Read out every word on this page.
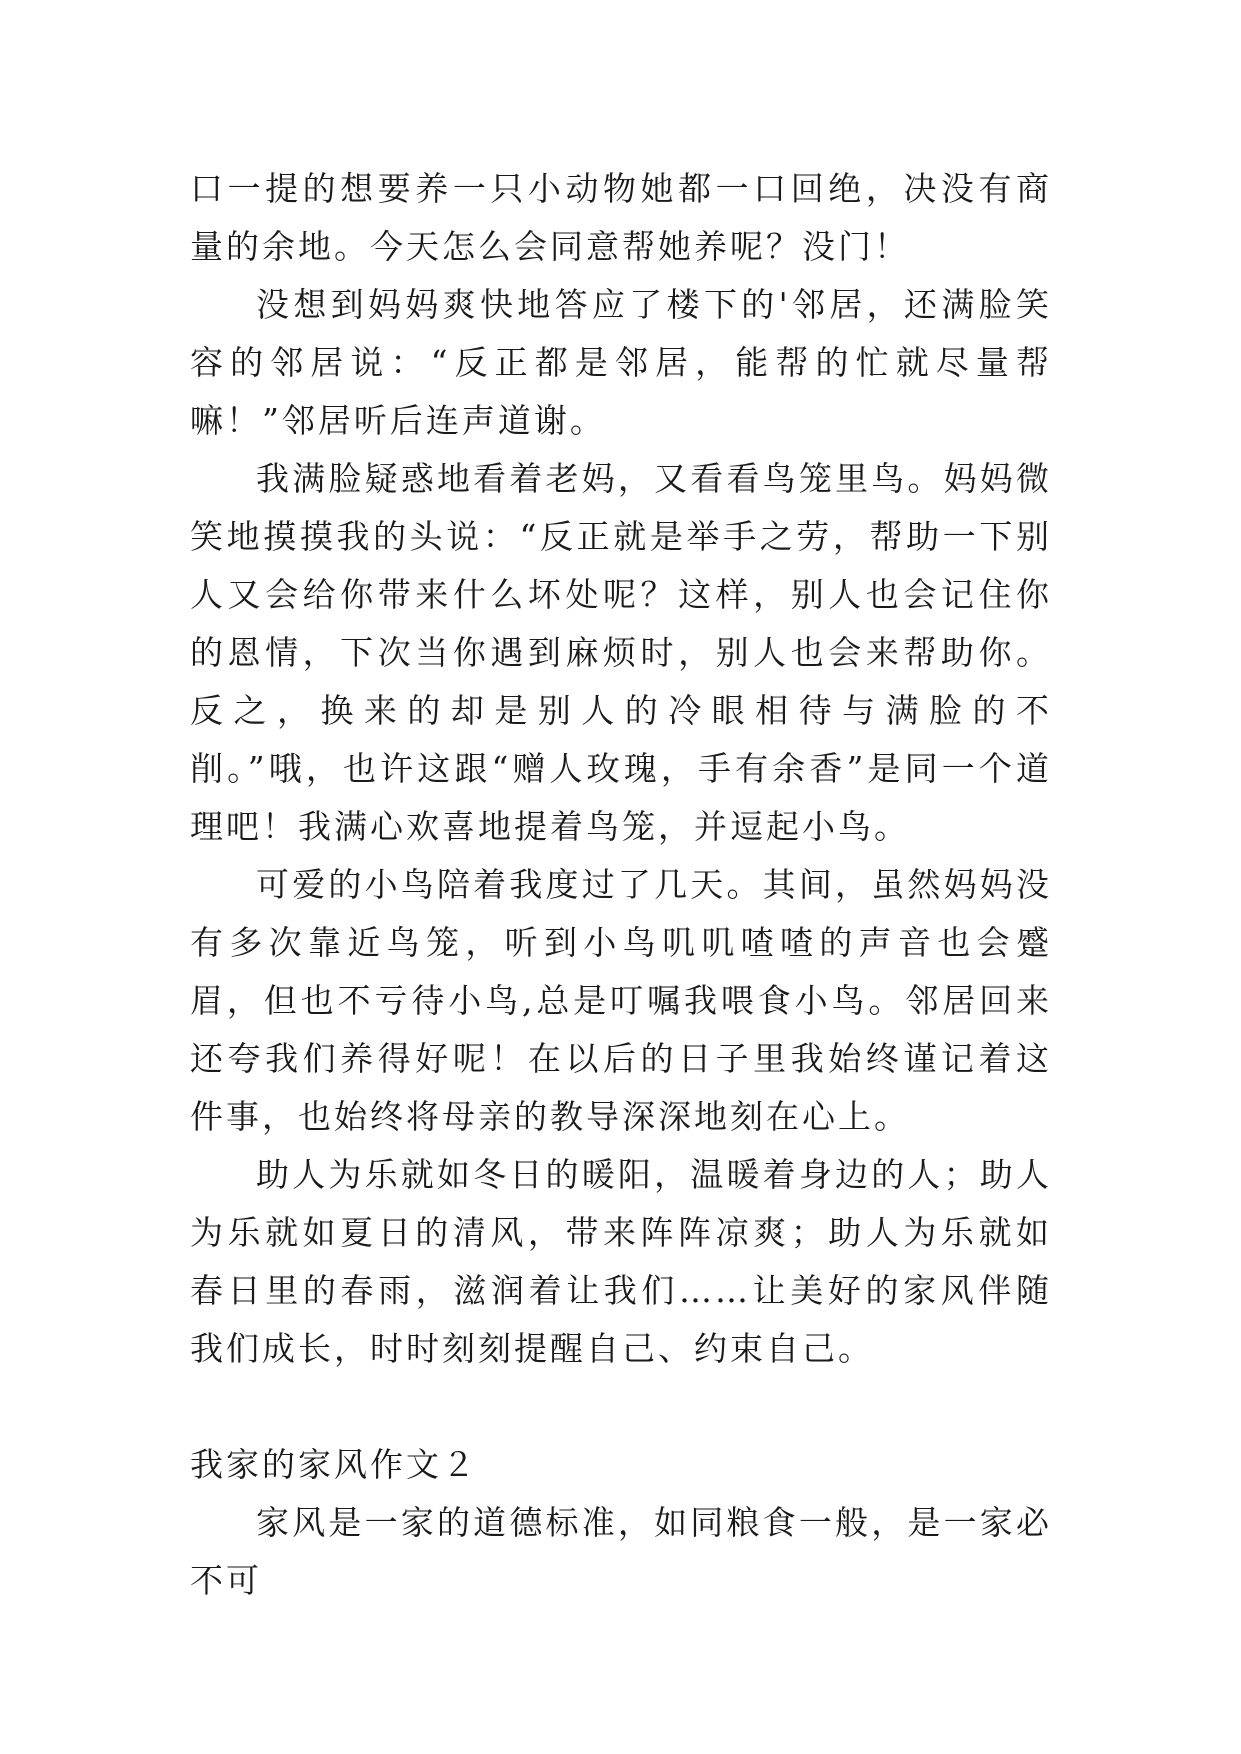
口一提的想要养一只小动物她都一口回绝，决没有商量的余地。今天怎么会同意帮她养呢？没门！

没想到妈妈爽快地答应了楼下的'邻居，还满脸笑容的邻居说：“反正都是邻居，能帮的忙就尽量帮嘛！”邻居听后连声道谢。

我满脸疑惑地看着老妈，又看看鸟笼里鸟。妈妈微笑地摸摸我的头说：“反正就是举手之劳，帮助一下别人又会给你带来什么坏处呢？这样，别人也会记住你的恩情，下次当你遇到麻烦时，别人也会来帮助你。反之，换来的却是别人的冷眼相待与满脸的不削。”哦，也许这跟“赠人玫瑰，手有余香”是同一个道理吧！我满心欢喜地提着鸟笼，并逗起小鸟。

可爱的小鸟陪着我度过了几天。其间，虽然妈妈没有多次靠近鸟笼，听到小鸟叽叽喳喳的声音也会蹙眉，但也不亏待小鸟,总是叮嘱我喂食小鸟。邻居回来还夸我们养得好呢！在以后的日子里我始终谨记着这件事，也始终将母亲的教导深深地刻在心上。

助人为乐就如冬日的暖阳，温暖着身边的人；助人为乐就如夏日的清风，带来阵阵凉爽；助人为乐就如春日里的春雨，滋润着让我们……让美好的家风伴随我们成长，时时刻刻提醒自己、约束自己。

我家的家风作文２

家风是一家的道德标准，如同粮食一般，是一家必不可
